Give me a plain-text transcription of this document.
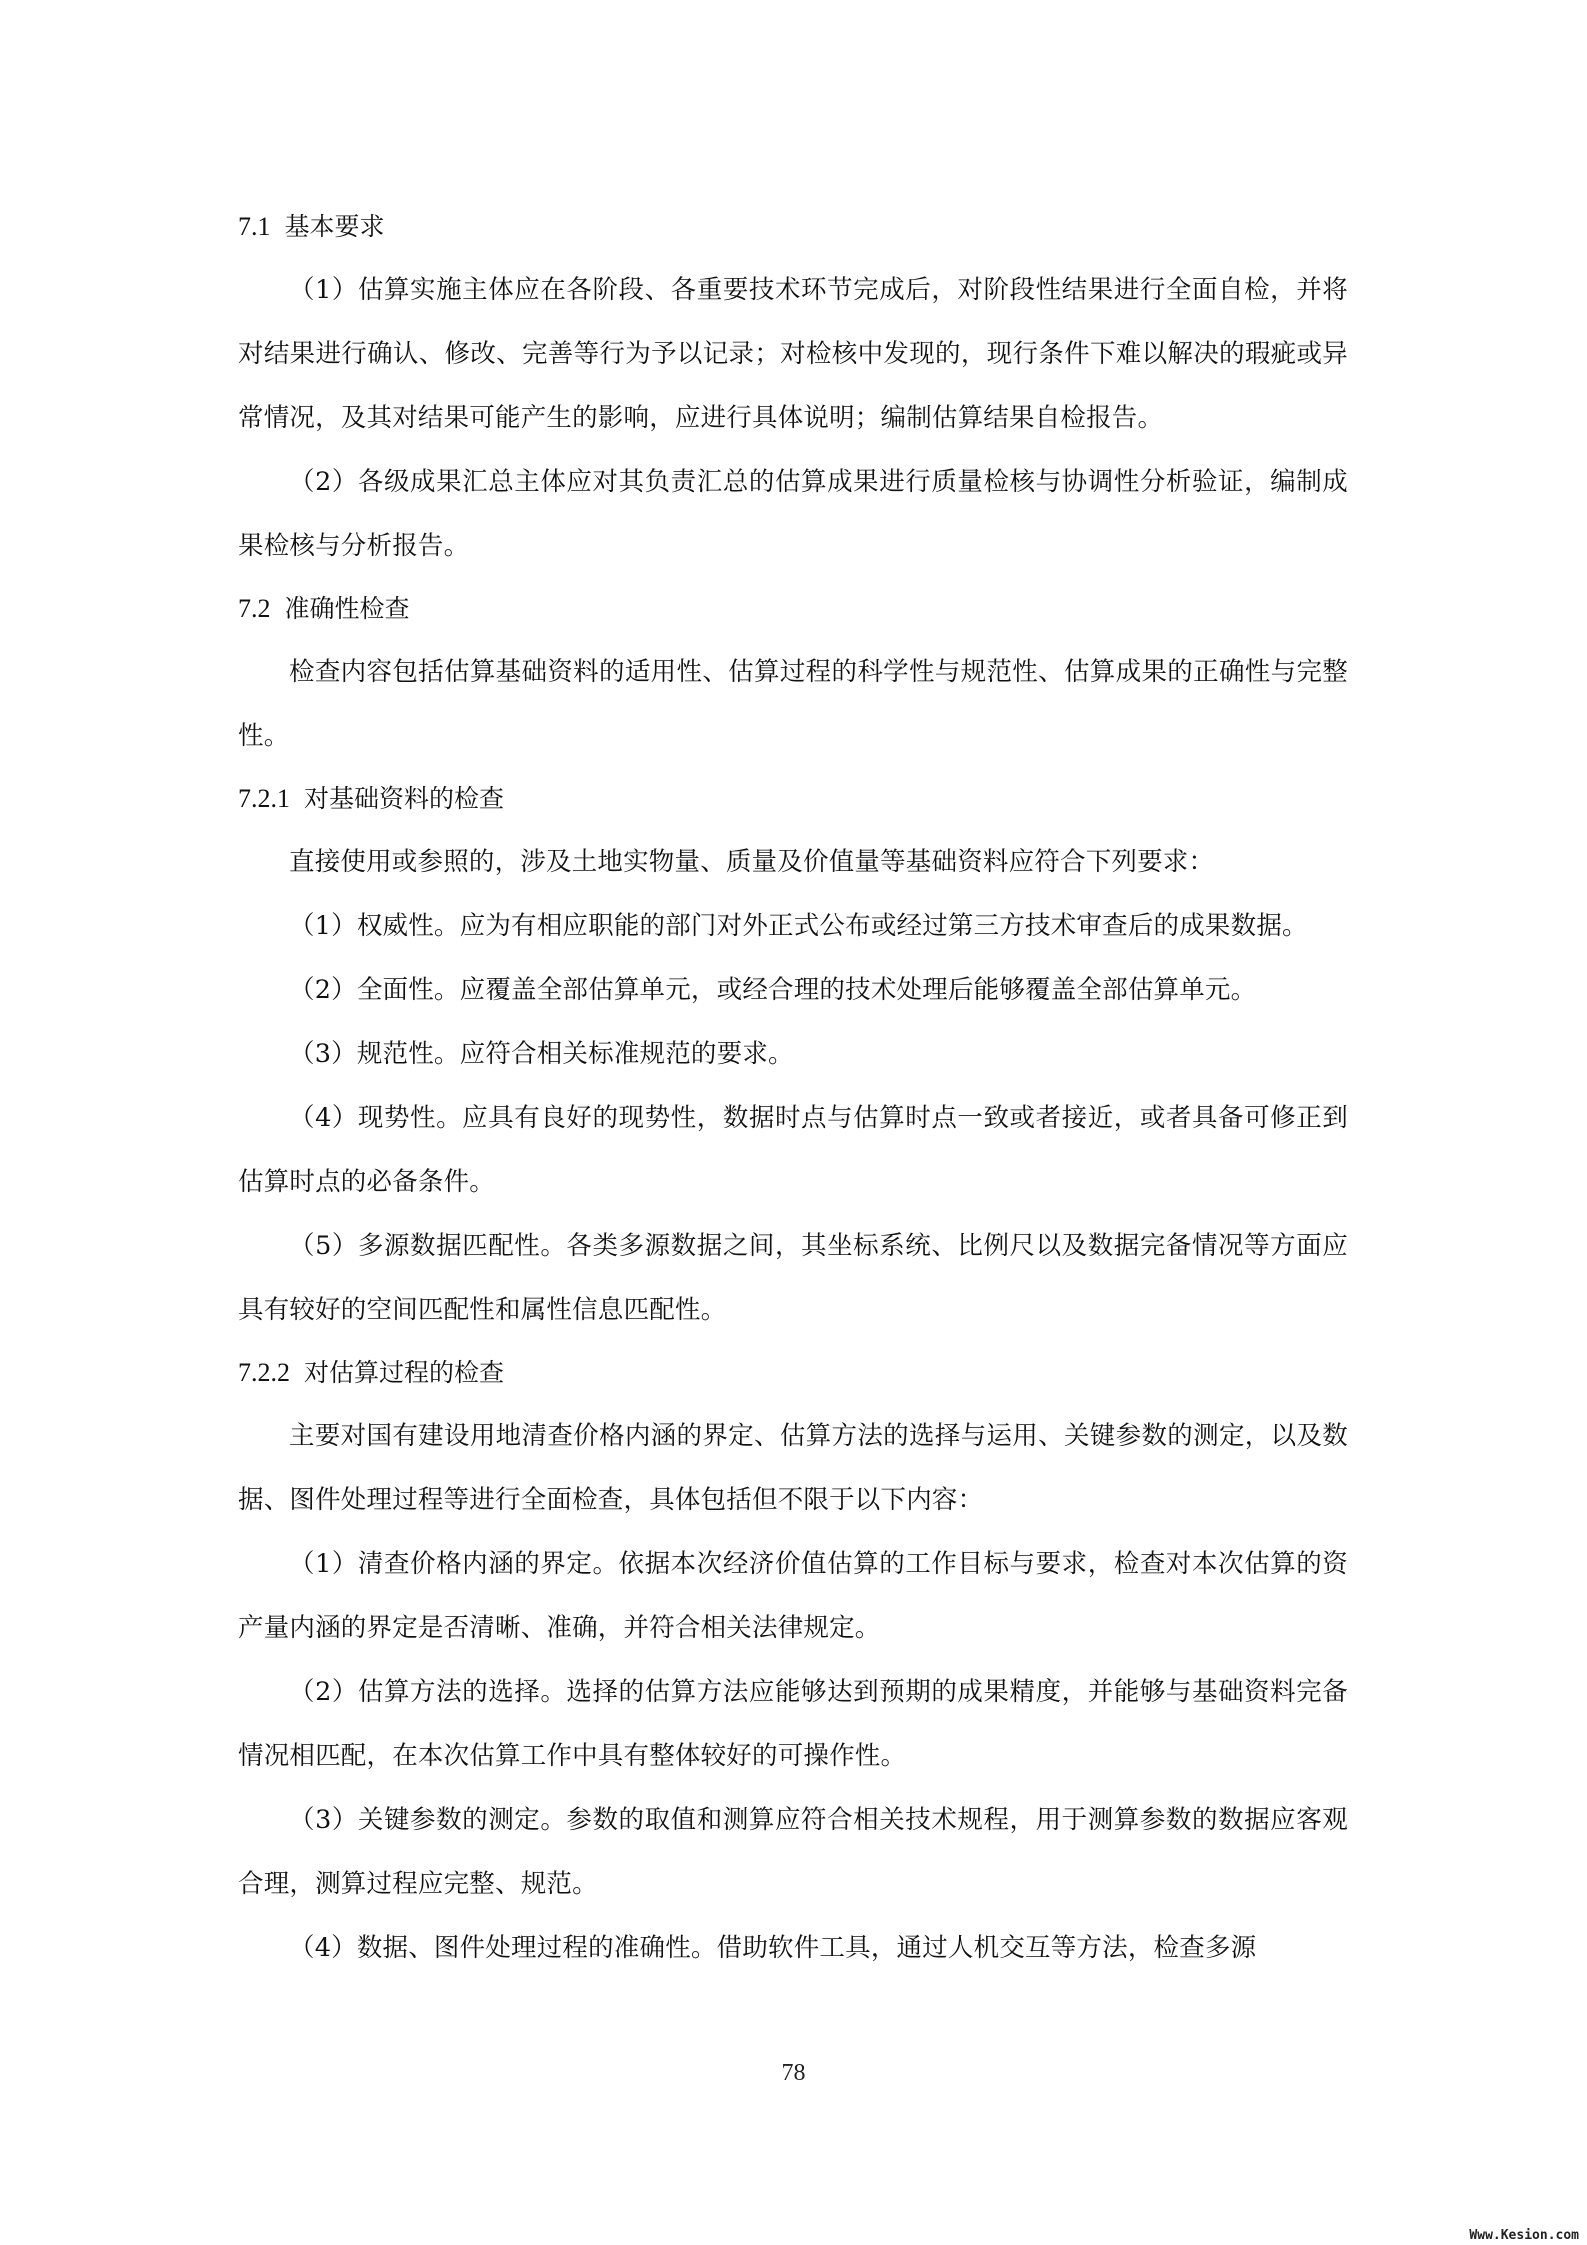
7.1 基本要求

（1）估算实施主体应在各阶段、各重要技术环节完成后，对阶段性结果进行全面自检，并将对结果进行确认、修改、完善等行为予以记录；对检核中发现的，现行条件下难以解决的瑕疵或异常情况，及其对结果可能产生的影响，应进行具体说明；编制估算结果自检报告。

（2）各级成果汇总主体应对其负责汇总的估算成果进行质量检核与协调性分析验证，编制成果检核与分析报告。

7.2 准确性检查

检查内容包括估算基础资料的适用性、估算过程的科学性与规范性、估算成果的正确性与完整性。

7.2.1 对基础资料的检查

直接使用或参照的，涉及土地实物量、质量及价值量等基础资料应符合下列要求：

（1）权威性。应为有相应职能的部门对外正式公布或经过第三方技术审查后的成果数据。

（2）全面性。应覆盖全部估算单元，或经合理的技术处理后能够覆盖全部估算单元。

（3）规范性。应符合相关标准规范的要求。

（4）现势性。应具有良好的现势性，数据时点与估算时点一致或者接近，或者具备可修正到估算时点的必备条件。

（5）多源数据匹配性。各类多源数据之间，其坐标系统、比例尺以及数据完备情况等方面应具有较好的空间匹配性和属性信息匹配性。

7.2.2 对估算过程的检查

主要对国有建设用地清查价格内涵的界定、估算方法的选择与运用、关键参数的测定，以及数据、图件处理过程等进行全面检查，具体包括但不限于以下内容：

（1）清查价格内涵的界定。依据本次经济价值估算的工作目标与要求，检查对本次估算的资产量内涵的界定是否清晰、准确，并符合相关法律规定。

（2）估算方法的选择。选择的估算方法应能够达到预期的成果精度，并能够与基础资料完备情况相匹配，在本次估算工作中具有整体较好的可操作性。

（3）关键参数的测定。参数的取值和测算应符合相关技术规程，用于测算参数的数据应客观合理，测算过程应完整、规范。

（4）数据、图件处理过程的准确性。借助软件工具，通过人机交互等方法，检查多源

78
Www.Kesion.com
